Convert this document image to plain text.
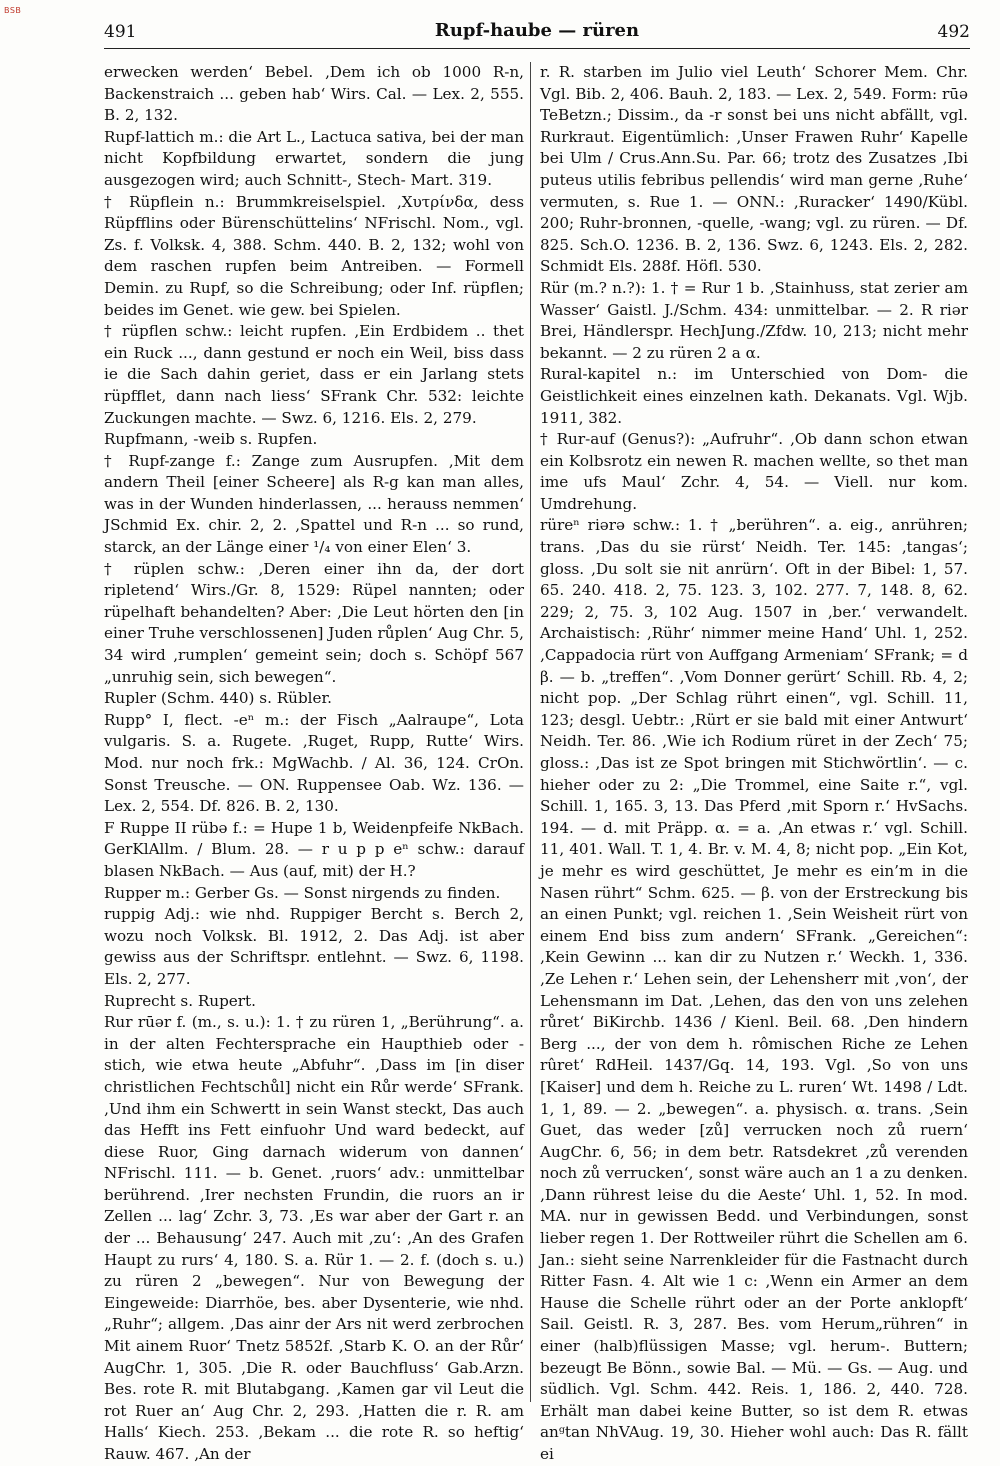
BSB
491	Rupf-haube — rüren	492

erwecken werden‘ Bebel. ‚Dem ich ob 1000 R-n, Backenstraich ... geben hab‘ Wirs. Cal. — Lex. 2, 555. B. 2, 132.

Rupf-lattich m.: die Art L., Lactuca sativa, bei der man nicht Kopfbildung erwartet, sondern die jung ausgezogen wird; auch Schnitt-, Stech- Mart. 319.

† Rüpflein n.: Brummkreiselspiel. ‚Χυτρίνδα, dess Rüpfflins oder Bürenschüttelins‘ NFrischl. Nom., vgl. Zs. f. Volksk. 4, 388. Schm. 440. B. 2, 132; wohl von dem raschen rupfen beim Antreiben. — Formell Demin. zu Rupf, so die Schreibung; oder Inf. rüpflen; beides im Genet. wie gew. bei Spielen.

† rüpflen schw.: leicht rupfen. ‚Ein Erdbidem .. thet ein Ruck ..., dann gestund er noch ein Weil, biss dass ie die Sach dahin geriet, dass er ein Jarlang stets rüpfflet, dann nach liess‘ SFrank Chr. 532: leichte Zuckungen machte. — Swz. 6, 1216. Els. 2, 279.

Rupfmann, -weib s. Rupfen.

† Rupf-zange f.: Zange zum Ausrupfen. ‚Mit dem andern Theil [einer Scheere] als R-g kan man alles, was in der Wunden hinderlassen, ... herauss nemmen‘ JSchmid Ex. chir. 2, 2. ‚Spattel und R-n ... so rund, starck, an der Länge einer ¹/₄ von einer Elen‘ 3.

† rüplen schw.: ‚Deren einer ihn da, der dort ripletend‘ Wirs./Gr. 8, 1529: Rüpel nannten; oder rüpelhaft behandelten? Aber: ‚Die Leut hörten den [in einer Truhe verschlossenen] Juden růplen‘ Aug Chr. 5, 34 wird ‚rumplen‘ gemeint sein; doch s. Schöpf 567 „unruhig sein, sich bewegen“.

Rupler (Schm. 440) s. Rübler.

Rupp° I, flect. -eⁿ m.: der Fisch „Aalraupe“, Lota vulgaris. S. a. Rugete. ‚Ruget, Rupp, Rutte‘ Wirs. Mod. nur noch frk.: MgWachb. / Al. 36, 124. CrOn. Sonst Treusche. — ON. Ruppensee Oab. Wz. 136. — Lex. 2, 554. Df. 826. B. 2, 130.

F Ruppe II rübə f.: = Hupe 1 b, Weidenpfeife NkBach. GerKlAllm. / Blum. 28. — r u p p eⁿ schw.: darauf blasen NkBach. — Aus (auf, mit) der H.?

Rupper m.: Gerber Gs. — Sonst nirgends zu finden.

ruppig Adj.: wie nhd. Ruppiger Bercht s. Berch 2, wozu noch Volksk. Bl. 1912, 2. Das Adj. ist aber gewiss aus der Schriftspr. entlehnt. — Swz. 6, 1198. Els. 2, 277.

Ruprecht s. Rupert.

Rur rūər f. (m., s. u.): 1. † zu rüren 1, „Berührung“. a. in der alten Fechtersprache ein Haupthieb oder -stich, wie etwa heute „Abfuhr“. ‚Dass im [in diser christlichen Fechtschůl] nicht ein Růr werde‘ SFrank. ‚Und ihm ein Schwertt in sein Wanst steckt, Das auch das Hefft ins Fett einfuohr Und ward bedeckt, auf diese Ruor, Ging darnach widerum von dannen‘ NFrischl. 111. — b. Genet. ‚ruors‘ adv.: unmittelbar berührend. ‚Irer nechsten Frundin, die ruors an ir Zellen ... lag‘ Zchr. 3, 73. ‚Es war aber der Gart r. an der ... Behausung‘ 247. Auch mit ‚zu‘: ‚An des Grafen Haupt zu rurs‘ 4, 180. S. a. Rür 1. — 2. f. (doch s. u.) zu rüren 2 „bewegen“. Nur von Bewegung der Eingeweide: Diarrhöe, bes. aber Dysenterie, wie nhd. „Ruhr“; allgem. ‚Das ainr der Ars nit werd zerbrochen Mit ainem Ruor‘ Tnetz 5852f. ‚Starb K. O. an der Růr‘ AugChr. 1, 305. ‚Die R. oder Bauchfluss‘ Gab.Arzn. Bes. rote R. mit Blutabgang. ‚Kamen gar vil Leut die rot Ruer an‘ Aug Chr. 2, 293. ‚Hatten die r. R. am Halls‘ Kiech. 253. ‚Bekam ... die rote R. so heftig‘ Rauw. 467. ‚An der

r. R. starben im Julio viel Leuth‘ Schorer Mem. Chr. Vgl. Bib. 2, 406. Bauh. 2, 183. — Lex. 2, 549. Form: rūə TeBetzn.; Dissim., da -r sonst bei uns nicht abfällt, vgl. Rurkraut. Eigentümlich: ‚Unser Frawen Ruhr‘ Kapelle bei Ulm / Crus.Ann.Su. Par. 66; trotz des Zusatzes ‚Ibi puteus utilis febribus pellendis‘ wird man gerne ‚Ruhe‘ vermuten, s. Rue 1. — ONN.: ‚Ruracker‘ 1490/Kübl. 200; Ruhr-bronnen, -quelle, -wang; vgl. zu rüren. — Df. 825. Sch.O. 1236. B. 2, 136. Swz. 6, 1243. Els. 2, 282. Schmidt Els. 288f. Höfl. 530.

Rür (m.? n.?): 1. † = Rur 1 b. ‚Stainhuss, stat zerier am Wasser‘ Gaistl. J./Schm. 434: unmittelbar. — 2. R riər Brei, Händlerspr. HechJung./Zfdw. 10, 213; nicht mehr bekannt. — 2 zu rüren 2 a α.

Rural-kapitel n.: im Unterschied von Dom- die Geistlichkeit eines einzelnen kath. Dekanats. Vgl. Wjb. 1911, 382.

† Rur-auf (Genus?): „Aufruhr“. ‚Ob dann schon etwan ein Kolbsrotz ein newen R. machen wellte, so thet man ime ufs Maul‘ Zchr. 4, 54. — Viell. nur kom. Umdrehung.

rüreⁿ riərə schw.: 1. † „berühren“. a. eig., anrühren; trans. ‚Das du sie rürst‘ Neidh. Ter. 145: ‚tangas‘; gloss. ‚Du solt sie nit anrürn‘. Oft in der Bibel: 1, 57. 65. 240. 418. 2, 75. 123. 3, 102. 277. 7, 148. 8, 62. 229; 2, 75. 3, 102 Aug. 1507 in ‚ber.‘ verwandelt. Archaistisch: ‚Rühr‘ nimmer meine Hand‘ Uhl. 1, 252. ‚Cappadocia rürt von Auffgang Armeniam‘ SFrank; = d β. — b. „treffen“. ‚Vom Donner gerürt‘ Schill. Rb. 4, 2; nicht pop. „Der Schlag rührt einen“, vgl. Schill. 11, 123; desgl. Uebtr.: ‚Rürt er sie bald mit einer Antwurt‘ Neidh. Ter. 86. ‚Wie ich Rodium rüret in der Zech‘ 75; gloss.: ‚Das ist ze Spot bringen mit Stichwörtlin‘. — c. hieher oder zu 2: „Die Trommel, eine Saite r.“, vgl. Schill. 1, 165. 3, 13. Das Pferd ‚mit Sporn r.‘ HvSachs. 194. — d. mit Präpp. α. = a. ‚An etwas r.‘ vgl. Schill. 11, 401. Wall. T. 1, 4. Br. v. M. 4, 8; nicht pop. „Ein Kot, je mehr es wird geschüttet, Je mehr es ein’m in die Nasen rührt“ Schm. 625. — β. von der Erstreckung bis an einen Punkt; vgl. reichen 1. ‚Sein Weisheit rürt von einem End biss zum andern‘ SFrank. „Gereichen“: ‚Kein Gewinn ... kan dir zu Nutzen r.‘ Weckh. 1, 336. ‚Ze Lehen r.‘ Lehen sein, der Lehensherr mit ‚von‘, der Lehensmann im Dat. ‚Lehen, das den von uns zelehen růret‘ BiKirchb. 1436 / Kienl. Beil. 68. ‚Den hindern Berg ..., der von dem h. rômischen Riche ze Lehen rûret‘ RdHeil. 1437/Gq. 14, 193. Vgl. ‚So von uns [Kaiser] und dem h. Reiche zu L. ruren‘ Wt. 1498 / Ldt. 1, 1, 89. — 2. „bewegen“. a. physisch. α. trans. ‚Sein Guet, das weder [zů] verrucken noch zů ruern‘ AugChr. 6, 56; in dem betr. Ratsdekret ‚zů verenden noch zů verrucken‘, sonst wäre auch an 1 a zu denken. ‚Dann rührest leise du die Aeste‘ Uhl. 1, 52. In mod. MA. nur in gewissen Bedd. und Verbindungen, sonst lieber regen 1. Der Rottweiler rührt die Schellen am 6. Jan.: sieht seine Narrenkleider für die Fastnacht durch Ritter Fasn. 4. Alt wie 1 c: ‚Wenn ein Armer an dem Hause die Schelle rührt oder an der Porte anklopft‘ Sail. Geistl. R. 3, 287. Bes. vom Herum„rühren“ in einer (halb)flüssigen Masse; vgl. herum-. Buttern; bezeugt Be Bönn., sowie Bal. — Mü. — Gs. — Aug. und südlich. Vgl. Schm. 442. Reis. 1, 186. 2, 440. 728. Erhält man dabei keine Butter, so ist dem R. etwas anᵍtan NhVAug. 19, 30. Hieher wohl auch: Das R. fällt ei
